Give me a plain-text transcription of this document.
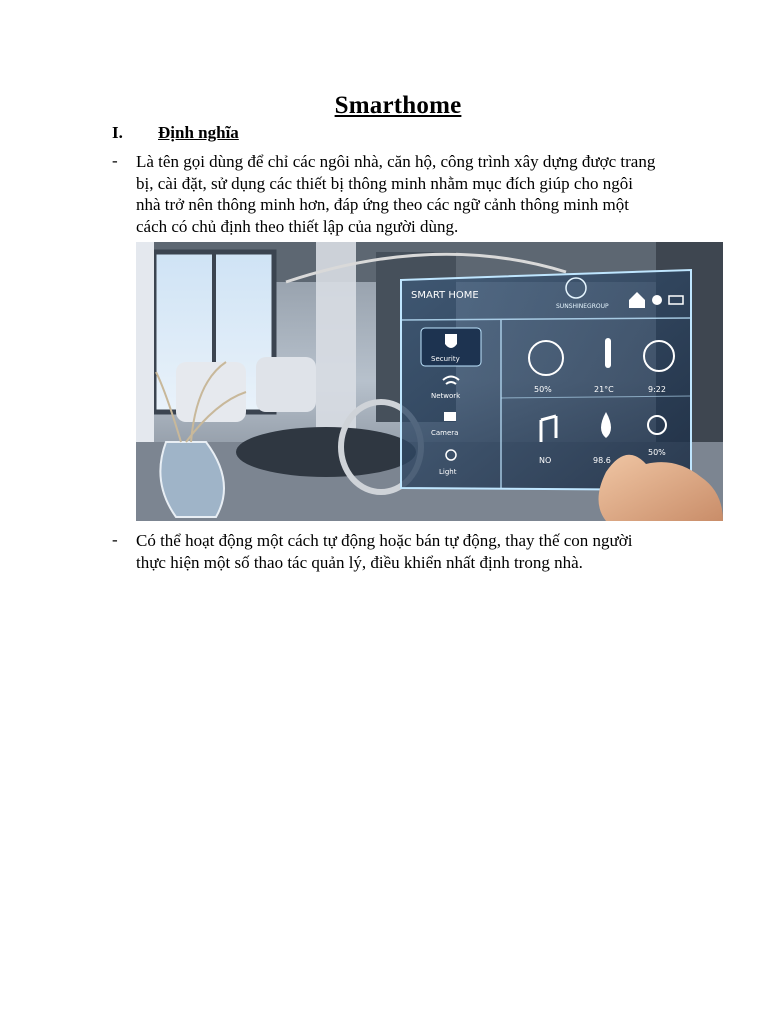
Smarthome
I. Định nghĩa
- Là tên gọi dùng để chỉ các ngôi nhà, căn hộ, công trình xây dựng được trang
bị, cài đặt, sử dụng các thiết bị thông minh nhằm mục đích giúp cho ngôi
nhà trở nên thông minh hơn, đáp ứng theo các ngữ cảnh thông minh một
cách có chủ định theo thiết lập của người dùng.

SMART HOME
SUNSHINEGROUP
Security
Network
Camera
Light
50%	21°C	9:22
NO	98.6
50%
- Có thể hoạt động một cách tự động hoặc bán tự động, thay thế con người
thực hiện một số thao tác quản lý, điều khiển nhất định trong nhà.
